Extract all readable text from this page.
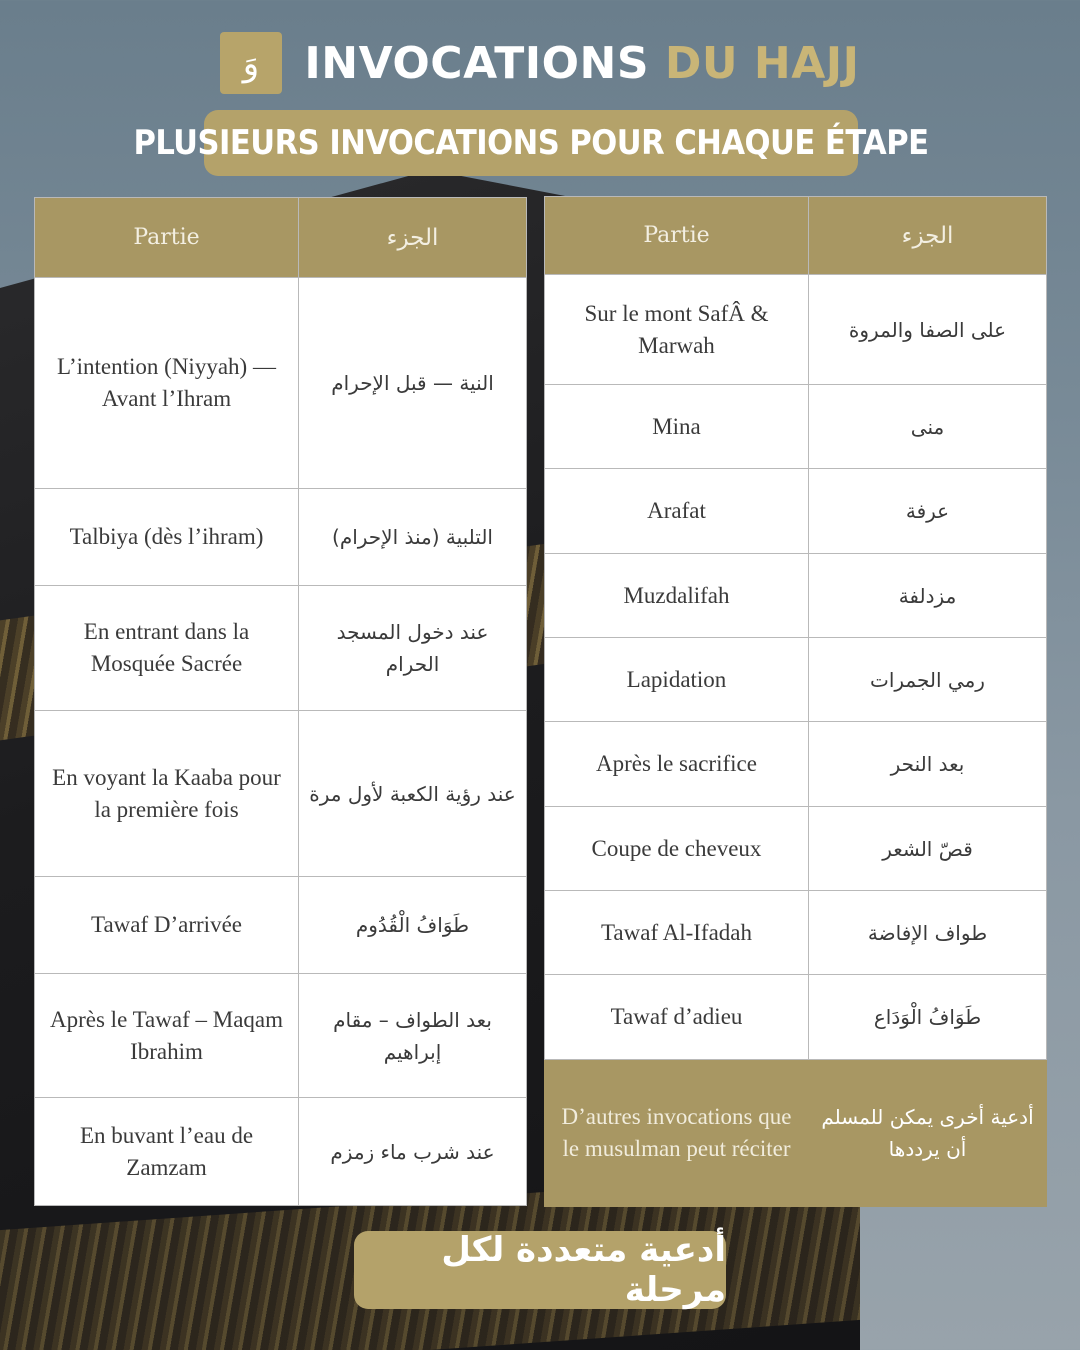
وَ INVOCATIONS DU HAJJ
PLUSIEURS INVOCATIONS POUR CHAQUE ÉTAPE
Partie	الجزء
L’intention (Niyyah) — Avant l’Ihram	النية — قبل الإحرام
Talbiya (dès l’ihram)	التلبية (منذ الإحرام)
En entrant dans la Mosquée Sacrée	عند دخول المسجد الحرام
En voyant la Kaaba pour la première fois	عند رؤية الكعبة لأول مرة
Tawaf D’arrivée	طَوَافُ الْقُدُوم
Après le Tawaf – Maqam Ibrahim	بعد الطواف – مقام إبراهيم
En buvant l’eau de Zamzam	عند شرب ماء زمزم
Partie	الجزء
Sur le mont SafÂ & Marwah	على الصفا والمروة
Mina	منى
Arafat	عرفة
Muzdalifah	مزدلفة
Lapidation	رمي الجمرات
Après le sacrifice	بعد النحر
Coupe de cheveux	قصّ الشعر
Tawaf Al-Ifadah	طواف الإفاضة
Tawaf d’adieu	طَوَافُ الْوَدَاع
D’autres invocations que le musulman peut réciter	أدعية أخرى يمكن للمسلم أن يرددها
أدعية متعددة لكل مرحلة
